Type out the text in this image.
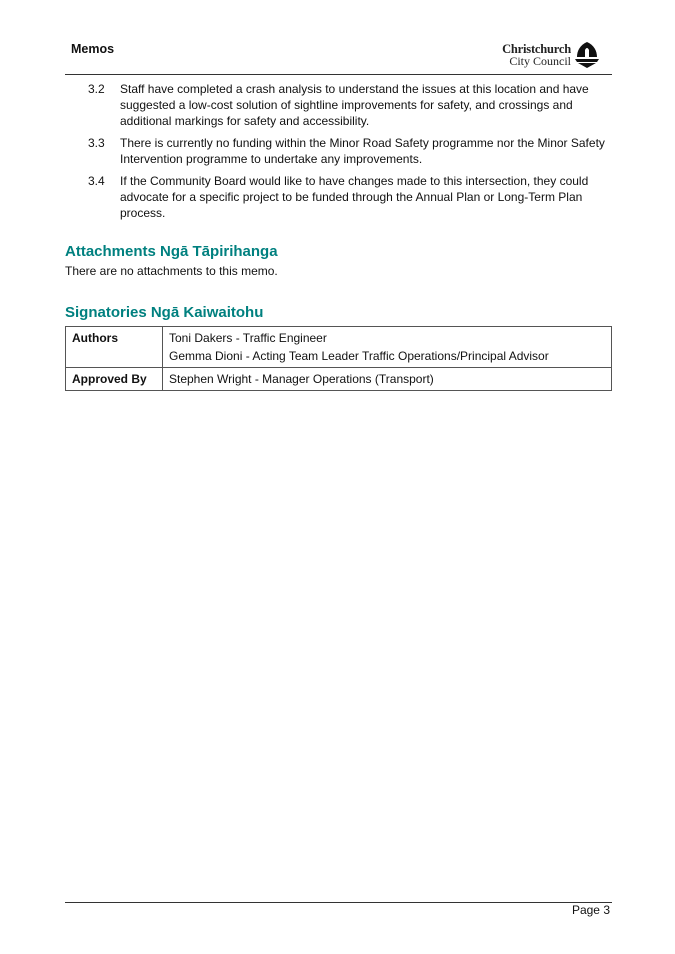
Memos	Christchurch
City Council
3.2	Staff have completed a crash analysis to understand the issues at this location and have suggested a low-cost solution of sightline improvements for safety, and crossings and additional markings for safety and accessibility.
3.3	There is currently no funding within the Minor Road Safety programme nor the Minor Safety Intervention programme to undertake any improvements.
3.4	If the Community Board would like to have changes made to this intersection, they could advocate for a specific project to be funded through the Annual Plan or Long-Term Plan process.
Attachments Ngā Tāpirihanga
There are no attachments to this memo.
Signatories Ngā Kaiwaitohu
Authors	Toni Dakers - Traffic Engineer
Gemma Dioni - Acting Team Leader Traffic Operations/Principal Advisor

Approved By	Stephen Wright - Manager Operations (Transport)
Page 3
